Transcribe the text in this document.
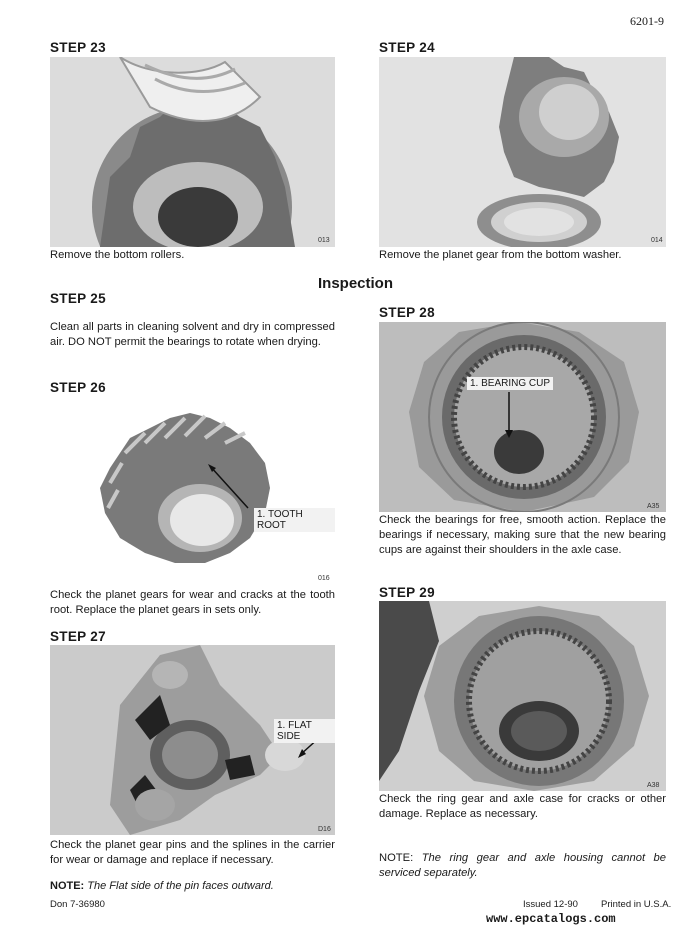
6201-9
STEP 23
013
Remove the bottom rollers.
STEP 24
014
Remove the planet gear from the bottom washer.
Inspection
STEP 25
Clean all parts in cleaning solvent and dry in compressed air. DO NOT permit the bearings to rotate when drying.
STEP 26
016
1. TOOTH ROOT
Check the planet gears for wear and cracks at the tooth root. Replace the planet gears in sets only.
STEP 27
D16
1. FLAT SIDE
Check the planet gear pins and the splines in the carrier for wear or damage and replace if necessary.
NOTE: The Flat side of the pin faces outward.
STEP 28
A35
1. BEARING CUP
Check the bearings for free, smooth action. Replace the bearings if necessary, making sure that the new bearing cups are against their shoulders in the axle case.
STEP 29
A38
Check the ring gear and axle case for cracks or other damage. Replace as necessary.
NOTE: The ring gear and axle housing cannot be serviced separately.
Don 7-36980	Issued 12-90 Printed in U.S.A.
www.epcatalogs.com
